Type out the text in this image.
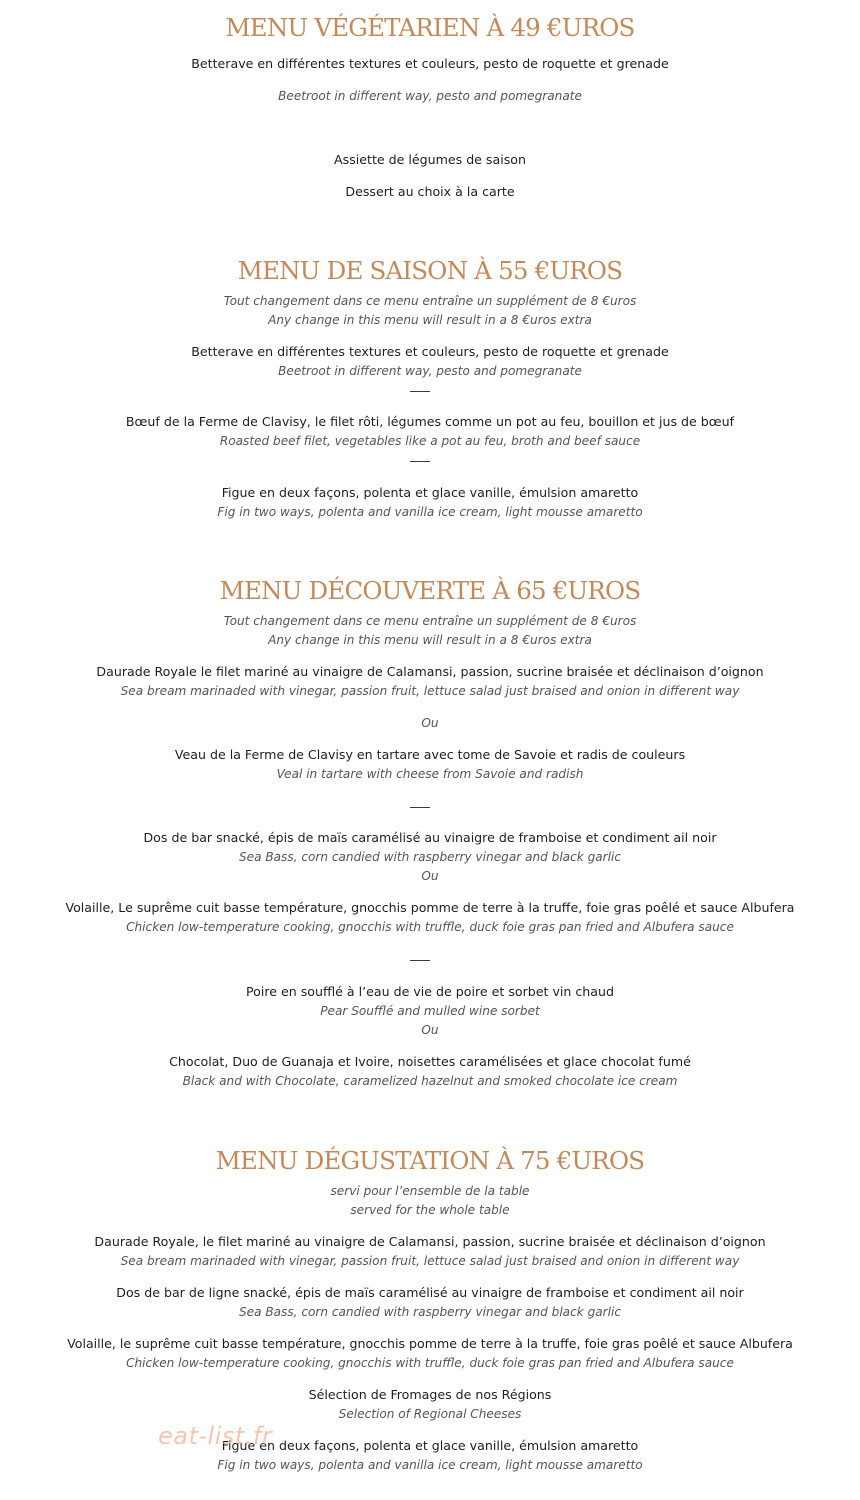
MENU VÉGÉTARIEN À 49 €UROS
Betterave en différentes textures et couleurs, pesto de roquette et grenade
Beetroot in different way, pesto and pomegranate
Assiette de légumes de saison
Dessert au choix à la carte
MENU DE SAISON À 55 €UROS
Tout changement dans ce menu entraîne un supplément de 8 €uros
Any change in this menu will result in a 8 €uros extra
Betterave en différentes textures et couleurs, pesto de roquette et grenade
Beetroot in different way, pesto and pomegranate
Bœuf de la Ferme de Clavisy, le filet rôti, légumes comme un pot au feu, bouillon et jus de bœuf
Roasted beef filet, vegetables like a pot au feu, broth and beef sauce
Figue en deux façons, polenta et glace vanille, émulsion amaretto
Fig in two ways, polenta and vanilla ice cream, light mousse amaretto
MENU DÉCOUVERTE À 65 €UROS
Tout changement dans ce menu entraîne un supplément de 8 €uros
Any change in this menu will result in a 8 €uros extra
Daurade Royale le filet mariné au vinaigre de Calamansi, passion, sucrine braisée et déclinaison d’oignon
Sea bream marinaded with vinegar, passion fruit, lettuce salad just braised and onion in different way
Ou
Veau de la Ferme de Clavisy en tartare avec tome de Savoie et radis de couleurs
Veal in tartare with cheese from Savoie and radish
Dos de bar snacké, épis de maïs caramélisé au vinaigre de framboise et condiment ail noir
Sea Bass, corn candied with raspberry vinegar and black garlic
Ou
Volaille, Le suprême cuit basse température, gnocchis pomme de terre à la truffe, foie gras poêlé et sauce Albufera
Chicken low-temperature cooking, gnocchis with truffle, duck foie gras pan fried and Albufera sauce
Poire en soufflé à l’eau de vie de poire et sorbet vin chaud
Pear Soufflé and mulled wine sorbet
Ou
Chocolat, Duo de Guanaja et Ivoire, noisettes caramélisées et glace chocolat fumé
Black and with Chocolate, caramelized hazelnut and smoked chocolate ice cream
MENU DÉGUSTATION À 75 €UROS
servi pour l’ensemble de la table
served for the whole table
Daurade Royale, le filet mariné au vinaigre de Calamansi, passion, sucrine braisée et déclinaison d’oignon
Sea bream marinaded with vinegar, passion fruit, lettuce salad just braised and onion in different way
Dos de bar de ligne snacké, épis de maïs caramélisé au vinaigre de framboise et condiment ail noir
Sea Bass, corn candied with raspberry vinegar and black garlic
Volaille, le suprême cuit basse température, gnocchis pomme de terre à la truffe, foie gras poêlé et sauce Albufera
Chicken low-temperature cooking, gnocchis with truffle, duck foie gras pan fried and Albufera sauce
Sélection de Fromages de nos Régions
Selection of Regional Cheeses
Figue en deux façons, polenta et glace vanille, émulsion amaretto
Fig in two ways, polenta and vanilla ice cream, light mousse amaretto
eat-list.fr
